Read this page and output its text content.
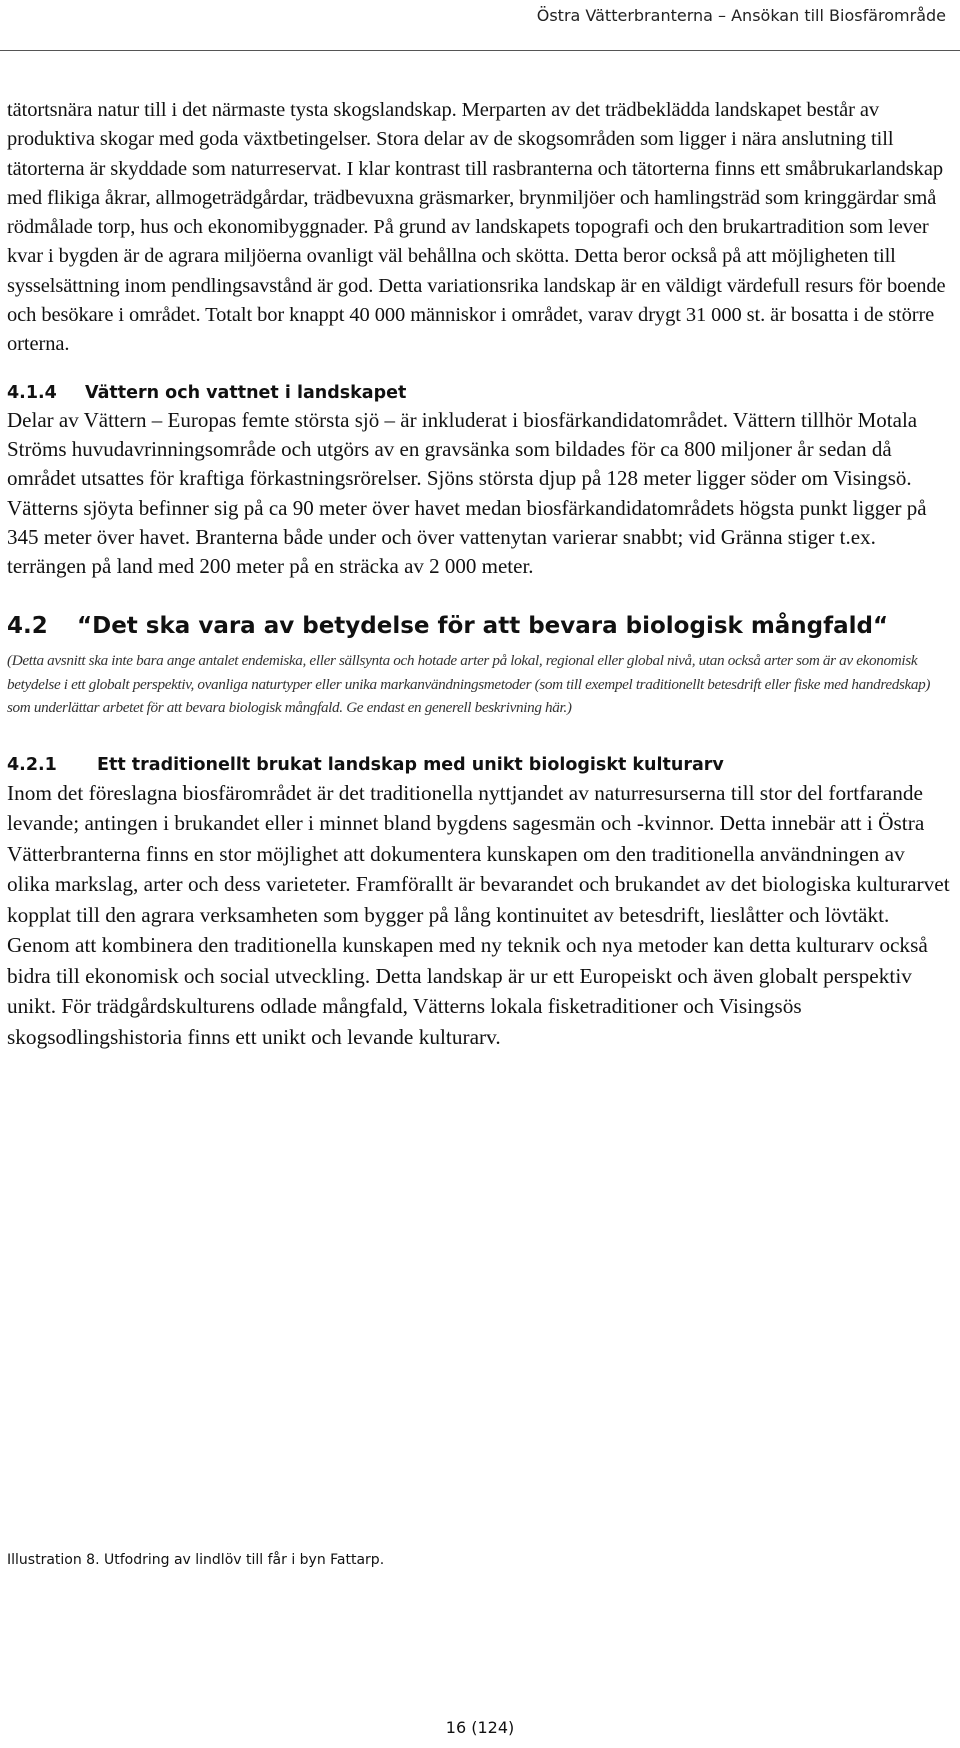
Östra Vätterbranterna – Ansökan till Biosfärområde

tätortsnära natur till i det närmaste tysta skogslandskap. Merparten av det trädbeklädda landskapet består av produktiva skogar med goda växtbetingelser. Stora delar av de skogsområden som ligger i nära anslutning till tätorterna är skyddade som naturreservat. I klar kontrast till rasbranterna och tätorterna finns ett småbrukarlandskap med flikiga åkrar, allmogeträdgårdar, trädbevuxna gräsmarker, brynmiljöer och hamlingsträd som kringgärdar små rödmålade torp, hus och ekonomibyggnader. På grund av landskapets topografi och den brukartradition som lever kvar i bygden är de agrara miljöerna ovanligt väl behållna och skötta. Detta beror också på att möjligheten till sysselsättning inom pendlingsavstånd är god. Detta variationsrika landskap är en väldigt värdefull resurs för boende och besökare i området. Totalt bor knappt 40 000 människor i området, varav drygt 31 000 st. är bosatta i de större orterna.

4.1.4 Vättern och vattnet i landskapet

Delar av Vättern – Europas femte största sjö – är inkluderat i biosfärkandidatområdet. Vättern tillhör Motala Ströms huvudavrinningsområde och utgörs av en gravsänka som bildades för ca 800 miljoner år sedan då området utsattes för kraftiga förkastningsrörelser. Sjöns största djup på 128 meter ligger söder om Visingsö. Vätterns sjöyta befinner sig på ca 90 meter över havet medan biosfärkandidatområdets högsta punkt ligger på 345 meter över havet. Branterna både under och över vattenytan varierar snabbt; vid Gränna stiger t.ex. terrängen på land med 200 meter på en sträcka av 2 000 meter.

4.2 “Det ska vara av betydelse för att bevara biologisk mångfald“

(Detta avsnitt ska inte bara ange antalet endemiska, eller sällsynta och hotade arter på lokal, regional eller global nivå, utan också arter som är av ekonomisk betydelse i ett globalt perspektiv, ovanliga naturtyper eller unika markanvändningsmetoder (som till exempel traditionellt betesdrift eller fiske med handredskap) som underlättar arbetet för att bevara biologisk mångfald. Ge endast en generell beskrivning här.)

4.2.1 Ett traditionellt brukat landskap med unikt biologiskt kulturarv

Inom det föreslagna biosfärområdet är det traditionella nyttjandet av naturresurserna till stor del fortfarande levande; antingen i brukandet eller i minnet bland bygdens sagesmän och -kvinnor. Detta innebär att i Östra Vätterbranterna finns en stor möjlighet att dokumentera kunskapen om den traditionella användningen av olika markslag, arter och dess varieteter. Framförallt är bevarandet och brukandet av det biologiska kulturarvet kopplat till den agrara verksamheten som bygger på lång kontinuitet av betesdrift, lieslåtter och lövtäkt. Genom att kombinera den traditionella kunskapen med ny teknik och nya metoder kan detta kulturarv också bidra till ekonomisk och social utveckling. Detta landskap är ur ett Europeiskt och även globalt perspektiv unikt. För trädgårdskulturens odlade mångfald, Vätterns lokala fisketraditioner och Visingsös skogsodlingshistoria finns ett unikt och levande kulturarv.

Illustration 8. Utfodring av lindlöv till får i byn Fattarp.
16 (124)
